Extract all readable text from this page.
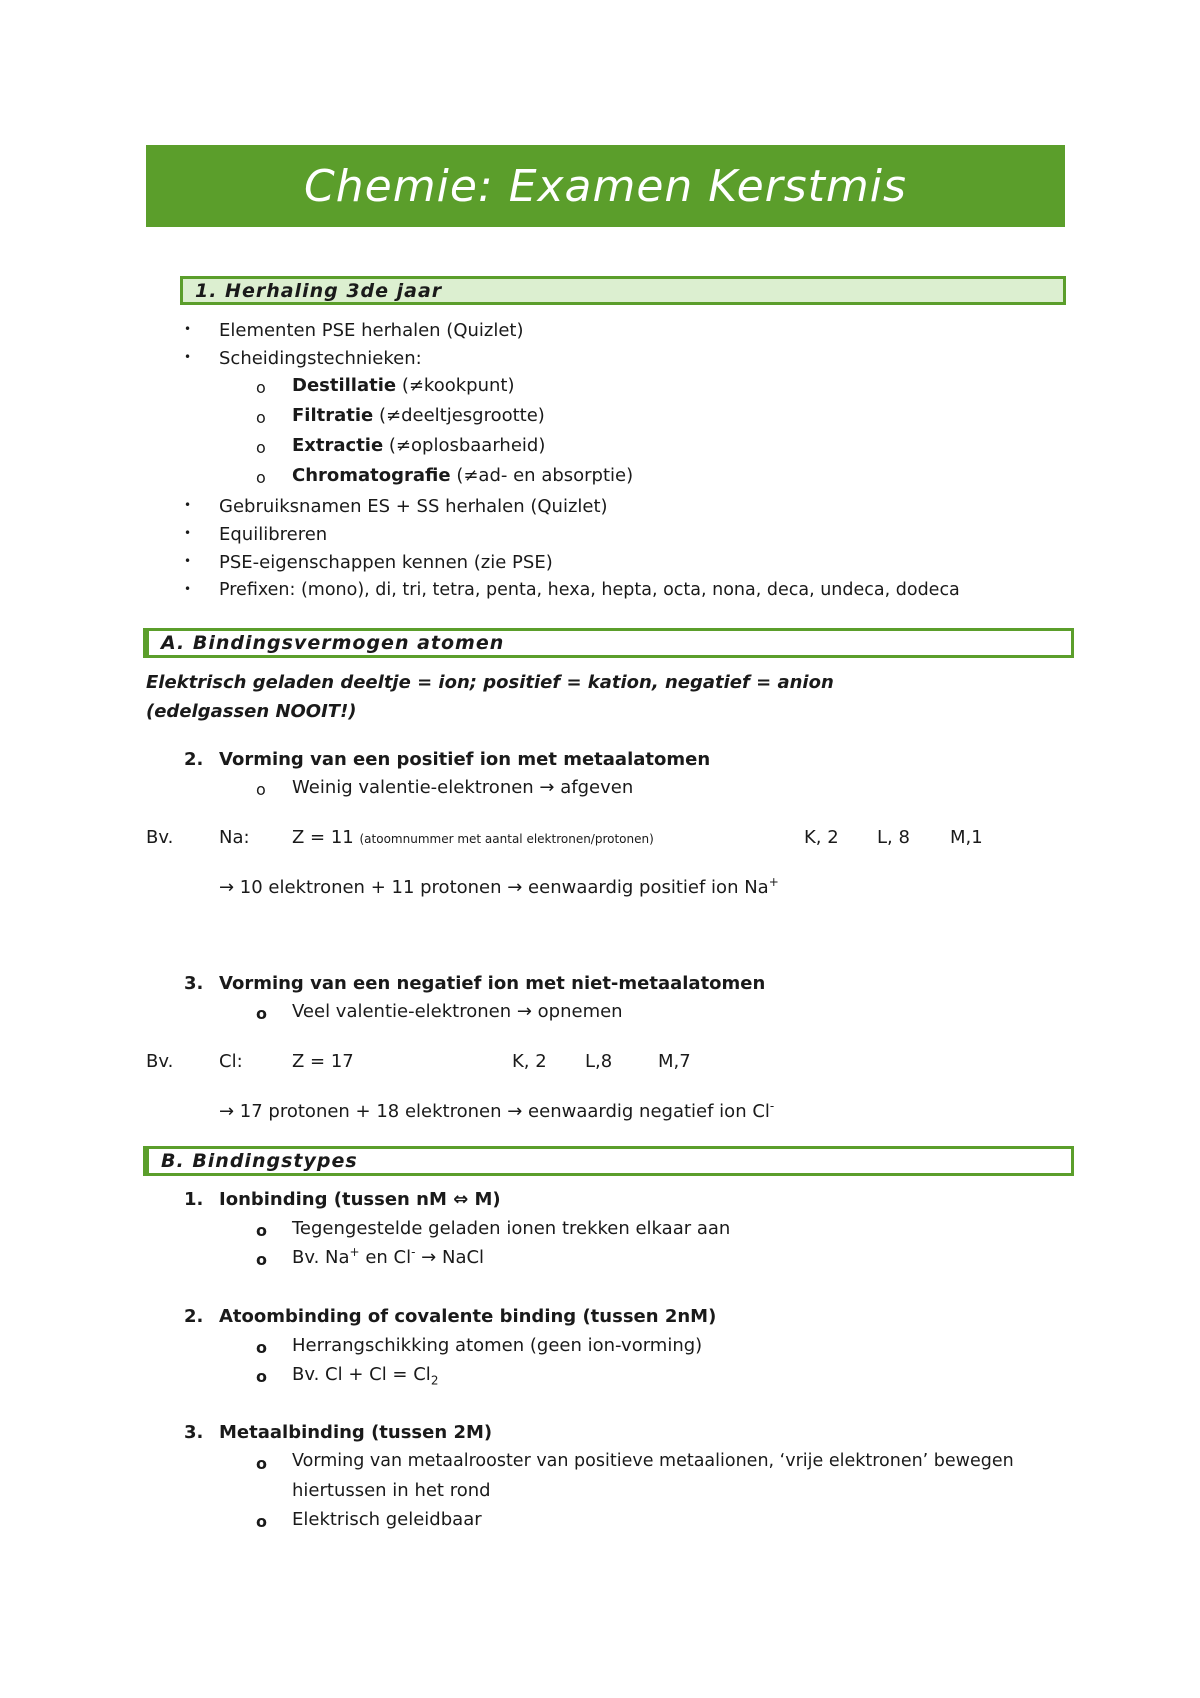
Chemie: Examen Kerstmis
1. Herhaling 3de jaar
• Elementen PSE herhalen (Quizlet)
• Scheidingstechnieken:
o Destillatie (≠kookpunt)
o Filtratie (≠deeltjesgrootte)
o Extractie (≠oplosbaarheid)
o Chromatografie (≠ad- en absorptie)
• Gebruiksnamen ES + SS herhalen (Quizlet)
• Equilibreren
• PSE-eigenschappen kennen (zie PSE)
• Prefixen: (mono), di, tri, tetra, penta, hexa, hepta, octa, nona, deca, undeca, dodeca
A. Bindingsvermogen atomen
Elektrisch geladen deeltje = ion; positief = kation, negatief = anion
(edelgassen NOOIT!)
2. Vorming van een positief ion met metaalatomen
o Weinig valentie-elektronen → afgeven
Bv.	Na: Z = 11 (atoomnummer met aantal elektronen/protonen)	K, 2 L, 8 M,1
→ 10 elektronen + 11 protonen → eenwaardig positief ion Na+
3. Vorming van een negatief ion met niet-metaalatomen
o Veel valentie-elektronen → opnemen
Bv.	Cl:	Z = 17	K, 2 L,8	M,7
→ 17 protonen + 18 elektronen → eenwaardig negatief ion Cl-
B. Bindingstypes
1. Ionbinding (tussen nM ⇔ M)
o Tegengestelde geladen ionen trekken elkaar aan
o Bv. Na+ en Cl- → NaCl
2. Atoombinding of covalente binding (tussen 2nM)
o Herrangschikking atomen (geen ion-vorming)
o Bv. $Cl + Cl = Cl_2$
3. Metaalbinding (tussen 2M)
o Vorming van metaalrooster van positieve metaalionen, ‘vrije elektronen’ bewegen
hiertussen in het rond
o Elektrisch geleidbaar
